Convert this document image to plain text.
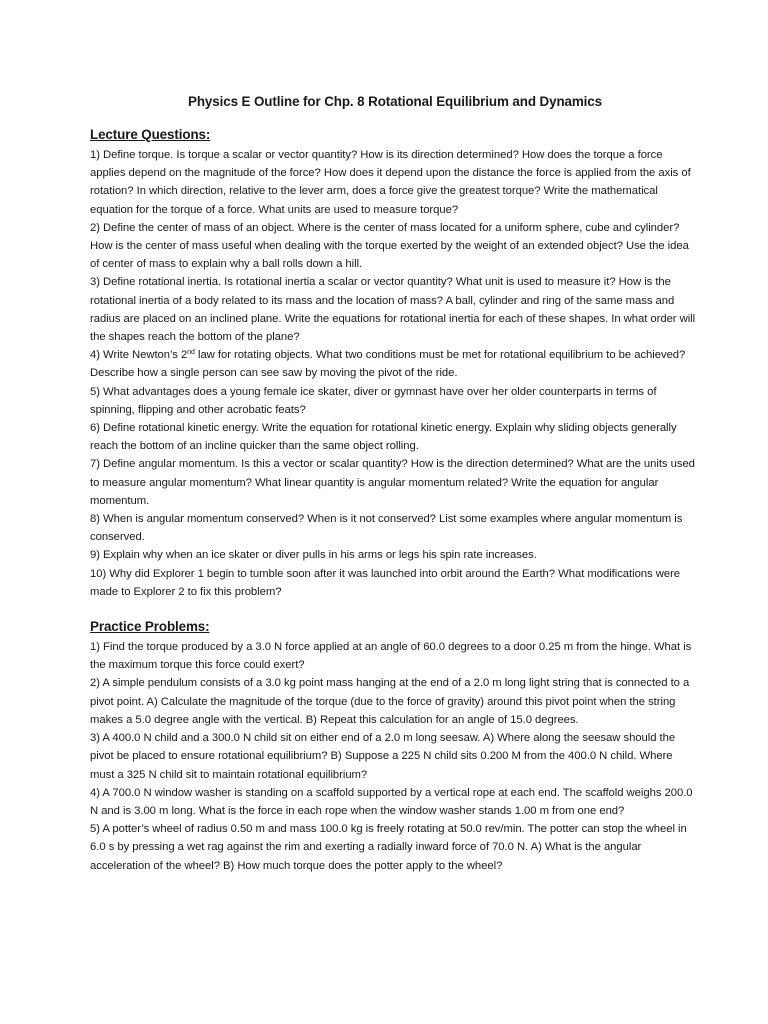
Physics E Outline for Chp. 8 Rotational Equilibrium and Dynamics
Lecture Questions:

1) Define torque. Is torque a scalar or vector quantity? How is its direction determined? How does the torque a force applies depend on the magnitude of the force? How does it depend upon the distance the force is applied from the axis of rotation? In which direction, relative to the lever arm, does a force give the greatest torque? Write the mathematical equation for the torque of a force. What units are used to measure torque?

2) Define the center of mass of an object. Where is the center of mass located for a uniform sphere, cube and cylinder? How is the center of mass useful when dealing with the torque exerted by the weight of an extended object? Use the idea of center of mass to explain why a ball rolls down a hill.

3) Define rotational inertia. Is rotational inertia a scalar or vector quantity? What unit is used to measure it? How is the rotational inertia of a body related to its mass and the location of mass? A ball, cylinder and ring of the same mass and radius are placed on an inclined plane. Write the equations for rotational inertia for each of these shapes. In what order will the shapes reach the bottom of the plane?

4) Write Newton’s 2nd law for rotating objects. What two conditions must be met for rotational equilibrium to be achieved? Describe how a single person can see saw by moving the pivot of the ride.

5) What advantages does a young female ice skater, diver or gymnast have over her older counterparts in terms of spinning, flipping and other acrobatic feats?

6) Define rotational kinetic energy. Write the equation for rotational kinetic energy. Explain why sliding objects generally reach the bottom of an incline quicker than the same object rolling.

7) Define angular momentum. Is this a vector or scalar quantity? How is the direction determined? What are the units used to measure angular momentum? What linear quantity is angular momentum related? Write the equation for angular momentum.

8) When is angular momentum conserved? When is it not conserved? List some examples where angular momentum is conserved.

9) Explain why when an ice skater or diver pulls in his arms or legs his spin rate increases.

10) Why did Explorer 1 begin to tumble soon after it was launched into orbit around the Earth? What modifications were made to Explorer 2 to fix this problem?

Practice Problems:

1) Find the torque produced by a 3.0 N force applied at an angle of 60.0 degrees to a door 0.25 m from the hinge. What is the maximum torque this force could exert?

2) A simple pendulum consists of a 3.0 kg point mass hanging at the end of a 2.0 m long light string that is connected to a pivot point. A) Calculate the magnitude of the torque (due to the force of gravity) around this pivot point when the string makes a 5.0 degree angle with the vertical. B) Repeat this calculation for an angle of 15.0 degrees.

3) A 400.0 N child and a 300.0 N child sit on either end of a 2.0 m long seesaw. A) Where along the seesaw should the pivot be placed to ensure rotational equilibrium? B) Suppose a 225 N child sits 0.200 M from the 400.0 N child. Where must a 325 N child sit to maintain rotational equilibrium?

4) A 700.0 N window washer is standing on a scaffold supported by a vertical rope at each end. The scaffold weighs 200.0 N and is 3.00 m long. What is the force in each rope when the window washer stands 1.00 m from one end?

5) A potter’s wheel of radius 0.50 m and mass 100.0 kg is freely rotating at 50.0 rev/min. The potter can stop the wheel in 6.0 s by pressing a wet rag against the rim and exerting a radially inward force of 70.0 N. A) What is the angular acceleration of the wheel? B) How much torque does the potter apply to the wheel?
